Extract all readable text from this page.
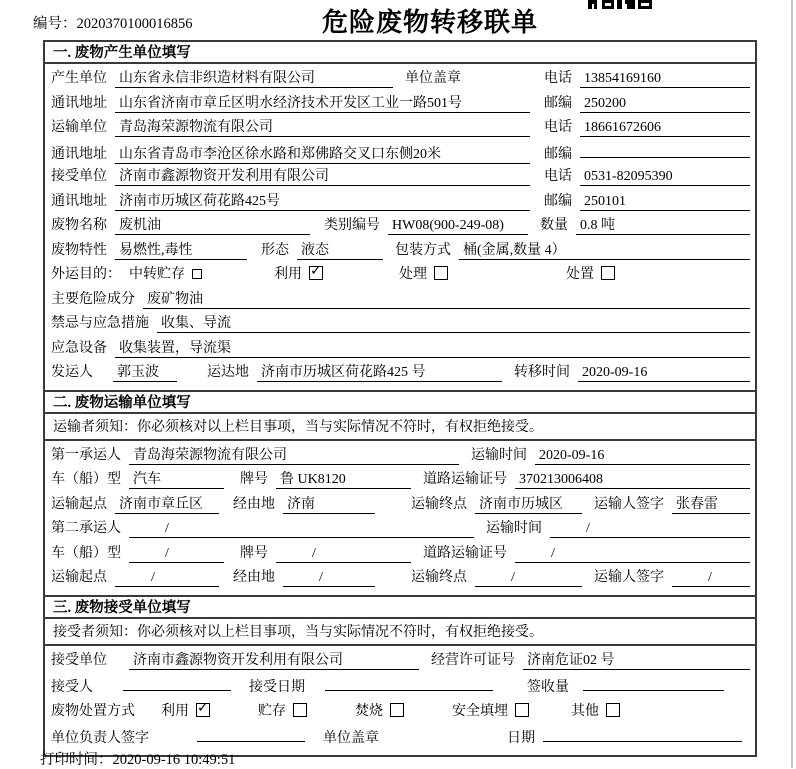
编号：2020370100016856	危险废物转移联单
一. 废物产生单位填写
产生单位 山东省永信非织造材料有限公司	单位盖章	电话 13854169160
通讯地址 山东省济南市章丘区明水经济技术开发区工业一路501号	邮编 250200
运输单位 青岛海荣源物流有限公司	电话 18661672606
通讯地址 山东省青岛市李沧区徐水路和郑佛路交叉口东侧20米	邮编
接受单位 济南市鑫源物资开发利用有限公司	电话 0531-82095390
通讯地址 济南市历城区荷花路425号	邮编 250101
废物名称 废机油	类别编号 HW08(900-249-08)	数量 0.8 吨
废物特性 易燃性,毒性	形态 液态	包装方式 桶(金属,数量 4）
外运目的： 中转贮存	利用 ✓	处理	处置
主要危险成分 废矿物油
禁忌与应急措施 收集、导流
应急设备 收集装置，导流渠
发运人 郭玉波	运达地 济南市历城区荷花路425 号	转移时间 2020-09-16
二. 废物运输单位填写
运输者须知：你必须核对以上栏目事项，当与实际情况不符时，有权拒绝接受。
第一承运人 青岛海荣源物流有限公司	运输时间 2020-09-16
车（船）型 汽车	牌号 鲁 UK8120	道路运输证号 370213006408
运输起点 济南市章丘区	经由地 济南	运输终点 济南市历城区	运输人签字 张春雷
第二承运人	/	运输时间	/
车（船）型	/	牌号	/	道路运输证号	/
运输起点	/	经由地	/	运输终点	/	运输人签字	/
三. 废物接受单位填写
接受者须知：你必须核对以上栏目事项，当与实际情况不符时，有权拒绝接受。
接受单位 济南市鑫源物资开发利用有限公司	经营许可证号 济南危证02 号
接受人	接受日期	签收量
废物处置方式 利用 ✓	贮存	焚烧	安全填埋	其他
单位负责人签字	单位盖章	日期
打印时间：2020-09-16 10:49:51
